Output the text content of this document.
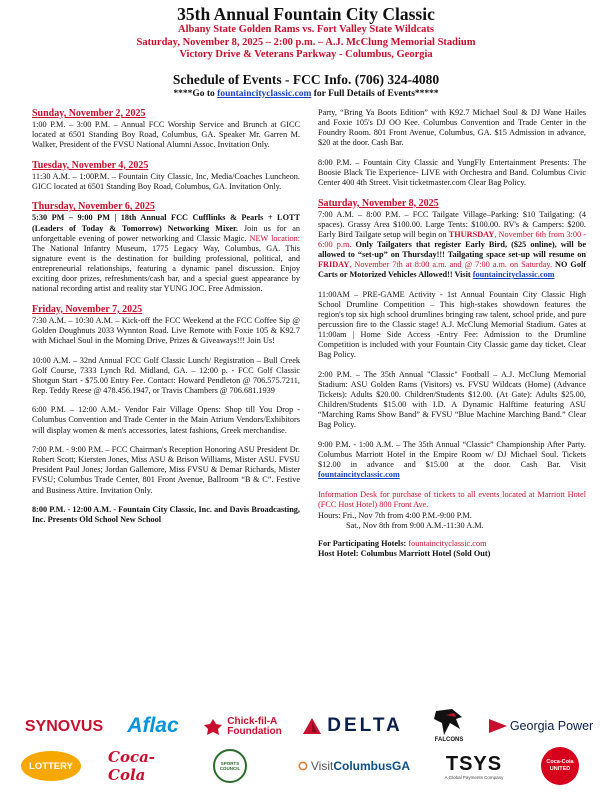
35th Annual Fountain City Classic
Albany State Golden Rams vs. Fort Valley State Wildcats
Saturday, November 8, 2025 – 2:00 p.m. – A.J. McClung Memorial Stadium
Victory Drive & Veterans Parkway - Columbus, Georgia
Schedule of Events - FCC Info. (706) 324-4080
****Go to fountaincityclassic.com for Full Details of Events*****
Sunday, November 2, 2025

1:00 P.M. – 3:00 P.M. – Annual FCC Worship Service and Brunch at GICC located at 6501 Standing Boy Road, Columbus, GA. Speaker Mr. Garren M. Walker, President of the FVSU National Alumni Assoc. Invitation Only.

Tuesday, November 4, 2025

11:30 A.M. – 1:00P.M. – Fountain City Classic, Inc, Media/Coaches Luncheon. GICC located at 6501 Standing Boy Road, Columbus, GA. Invitation Only.

Thursday, November 6, 2025

5:30 PM – 9:00 PM | 18th Annual FCC Cufflinks & Pearls + LOTT (Leaders of Today & Tomorrow) Networking Mixer. Join us for an unforgettable evening of power networking and Classic Magic. NEW location: The National Infantry Museum, 1775 Legacy Way, Columbus, GA. This signature event is the destination for building professional, political, and entrepreneurial relationships, featuring a dynamic panel discussion. Enjoy exciting door prizes, refreshments/cash bar, and a special guest appearance by national recording artist and reality star YUNG JOC. Free Admission.

Friday, November 7, 2025

7:30 A.M. – 10:30 A.M. – Kick-off the FCC Weekend at the FCC Coffee Sip @ Golden Doughnuts 2033 Wynnton Road. Live Remote with Foxie 105 & K92.7 with Michael Soul in the Morning Drive, Prizes & Giveaways!!! Join Us!

10:00 A.M. – 32nd Annual FCC Golf Classic Lunch/ Registration – Bull Creek Golf Course, 7333 Lynch Rd. Midland, GA. – 12:00 p. - FCC Golf Classic Shotgun Start - $75.00 Entry Fee. Contact: Howard Pendleton @ 706.575.7211, Rep. Teddy Reese @ 478.456.1947, or Travis Chambers @ 706.681.1939

6:00 P.M. – 12:00 A.M.- Vendor Fair Village Opens: Shop till You Drop - Columbus Convention and Trade Center in the Main Atrium Vendors/Exhibitors will display women & men's accessories, latest fashions, Greek merchandise.

7:00 P.M. - 9:00 P.M. – FCC Chairman's Reception Honoring ASU President Dr. Robert Scott; Kiersten Jones, Miss ASU & Brison Williams, Mister ASU. FVSU President Paul Jones; Jordan Gallemore, Miss FVSU & Demar Richards, Mister FVSU; Columbus Trade Center, 801 Front Avenue, Ballroom “B & C”. Festive and Business Attire. Invitation Only.

8:00 P.M. - 12:00 A.M. - Fountain City Classic, Inc. and Davis Broadcasting, Inc. Presents Old School New School

Party, “Bring Ya Boots Edition” with K92.7 Michael Soul & DJ Wane Hailes and Foxie 105's DJ OO Kee. Columbus Convention and Trade Center in the Foundry Room. 801 Front Avenue, Columbus, GA. $15 Admission in advance, $20 at the door. Cash Bar.

8:00 P.M. – Fountain City Classic and YungFly Entertainment Presents: The Boosie Black Tie Experience- LIVE with Orchestra and Band. Columbus Civic Center 400 4th Street. Visit ticketmaster.com Clear Bag Policy.

Saturday, November 8, 2025

7:00 A.M. – 8:00 P.M. – FCC Tailgate Village–Parking: $10 Tailgating: (4 spaces). Grassy Area $100.00. Large Tents: $100.00. RV's & Campers: $200. Early Bird Tailgate setup will begin on THURSDAY, November 6th from 3:00 - 6:00 p.m. Only Tailgaters that register Early Bird, ($25 online), will be allowed to “set-up” on Thursday!!! Tailgating space set-up will resume on FRIDAY, November 7th at 8:00 a.m. and @ 7:00 a.m. on Saturday. NO Golf Carts or Motorized Vehicles Allowed!! Visit fountaincityclassic.com

11:00AM – PRE-GAME Activity - 1st Annual Fountain City Classic High School Drumline Competition – This high-stakes showdown features the region's top six high school drumlines bringing raw talent, school pride, and pure percussion fire to the Classic stage! A.J. McClung Memorial Stadium. Gates at 11:00am | Home Side Access -Entry Fee: Admission to the Drumline Competition is included with your Fountain City Classic game day ticket. Clear Bag Policy.

2:00 P.M. – The 35th Annual "Classic" Football – A.J. McClung Memorial Stadium: ASU Golden Rams (Visitors) vs. FVSU Wildcats (Home) (Advance Tickets): Adults $20.00. Children/Students $12.00. (At Gate): Adults $25.00, Children/Students $15.00 with I.D. A Dynamic Halftime featuring ASU “Marching Rams Show Band” & FVSU “Blue Machine Marching Band.” Clear Bag Policy.

9:00 P.M. - 1:00 A.M. – The 35th Annual “Classic” Championship After Party. Columbus Marriott Hotel in the Empire Room w/ DJ Michael Soul. Tickets $12.00 in advance and $15.00 at the door. Cash Bar. Visit fountaincityclassic.com

Information Desk for purchase of tickets to all events located at Marriott Hotel (FCC Host Hotel) 800 Front Ave.

Hours: Fri., Nov 7th from 4:00 P.M.-9:00 P.M.

Sat., Nov 8th from 9:00 A.M.-11:30 A.M.

For Participating Hotels: fountaincityclassic.com

Host Hotel: Columbus Marriott Hotel (Sold Out)

SYNOVUS Aflac	Chick-fil-A
Foundation DELTA
FALCONS
Georgia Power
LOTTERY Coca-Cola
SPORTS COUNCIL	Visit ColumbusGA TSYS
A Global Payments Company
Coca-Cola
UNITED
